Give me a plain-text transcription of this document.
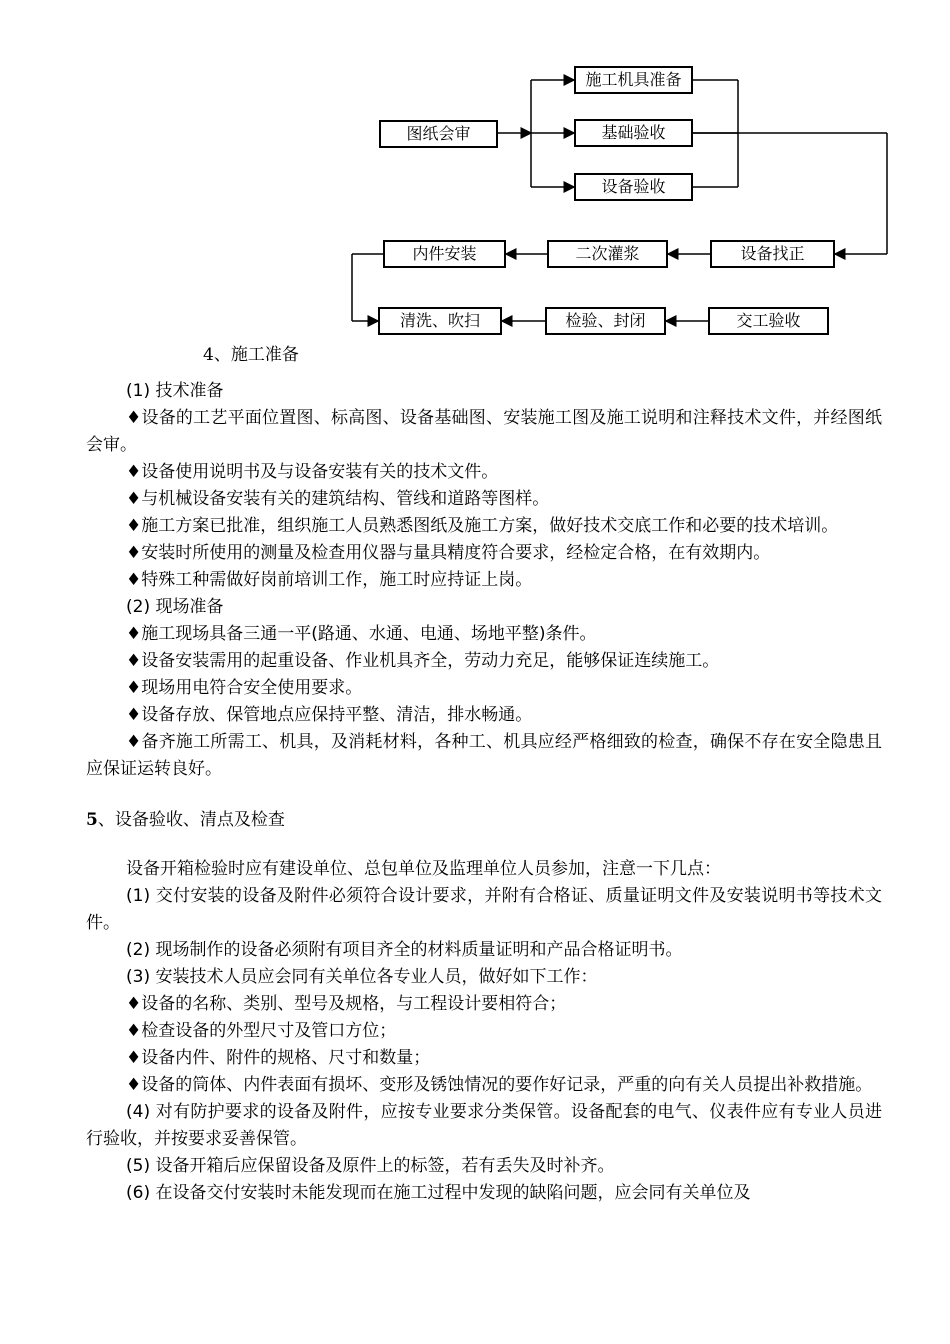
图纸会审
施工机具准备
基础验收
设备验收
设备找正
二次灌浆
内件安装
清洗、吹扫	检验、封闭	交工验收
4、施工准备

(1) 技术准备

♦设备的工艺平面位置图、标高图、设备基础图、安装施工图及施工说明和注释技术文件，并经图纸会审。

♦设备使用说明书及与设备安装有关的技术文件。

♦与机械设备安装有关的建筑结构、管线和道路等图样。

♦施工方案已批准，组织施工人员熟悉图纸及施工方案，做好技术交底工作和必要的技术培训。

♦安装时所使用的测量及检查用仪器与量具精度符合要求，经检定合格，在有效期内。

♦特殊工种需做好岗前培训工作，施工时应持证上岗。

(2) 现场准备

♦施工现场具备三通一平(路通、水通、电通、场地平整)条件。

♦设备安装需用的起重设备、作业机具齐全，劳动力充足，能够保证连续施工。

♦现场用电符合安全使用要求。

♦设备存放、保管地点应保持平整、清洁，排水畅通。

♦备齐施工所需工、机具，及消耗材料，各种工、机具应经严格细致的检查，确保不存在安全隐患且应保证运转良好。

5、设备验收、清点及检查

设备开箱检验时应有建设单位、总包单位及监理单位人员参加，注意一下几点：

(1) 交付安装的设备及附件必须符合设计要求，并附有合格证、质量证明文件及安装说明书等技术文件。

(2) 现场制作的设备必须附有项目齐全的材料质量证明和产品合格证明书。

(3) 安装技术人员应会同有关单位各专业人员，做好如下工作：

♦设备的名称、类别、型号及规格，与工程设计要相符合；

♦检查设备的外型尺寸及管口方位；

♦设备内件、附件的规格、尺寸和数量；

♦设备的筒体、内件表面有损坏、变形及锈蚀情况的要作好记录，严重的向有关人员提出补救措施。

(4) 对有防护要求的设备及附件，应按专业要求分类保管。设备配套的电气、仪表件应有专业人员进行验收，并按要求妥善保管。

(5) 设备开箱后应保留设备及原件上的标签，若有丢失及时补齐。

(6) 在设备交付安装时未能发现而在施工过程中发现的缺陷问题，应会同有关单位及
